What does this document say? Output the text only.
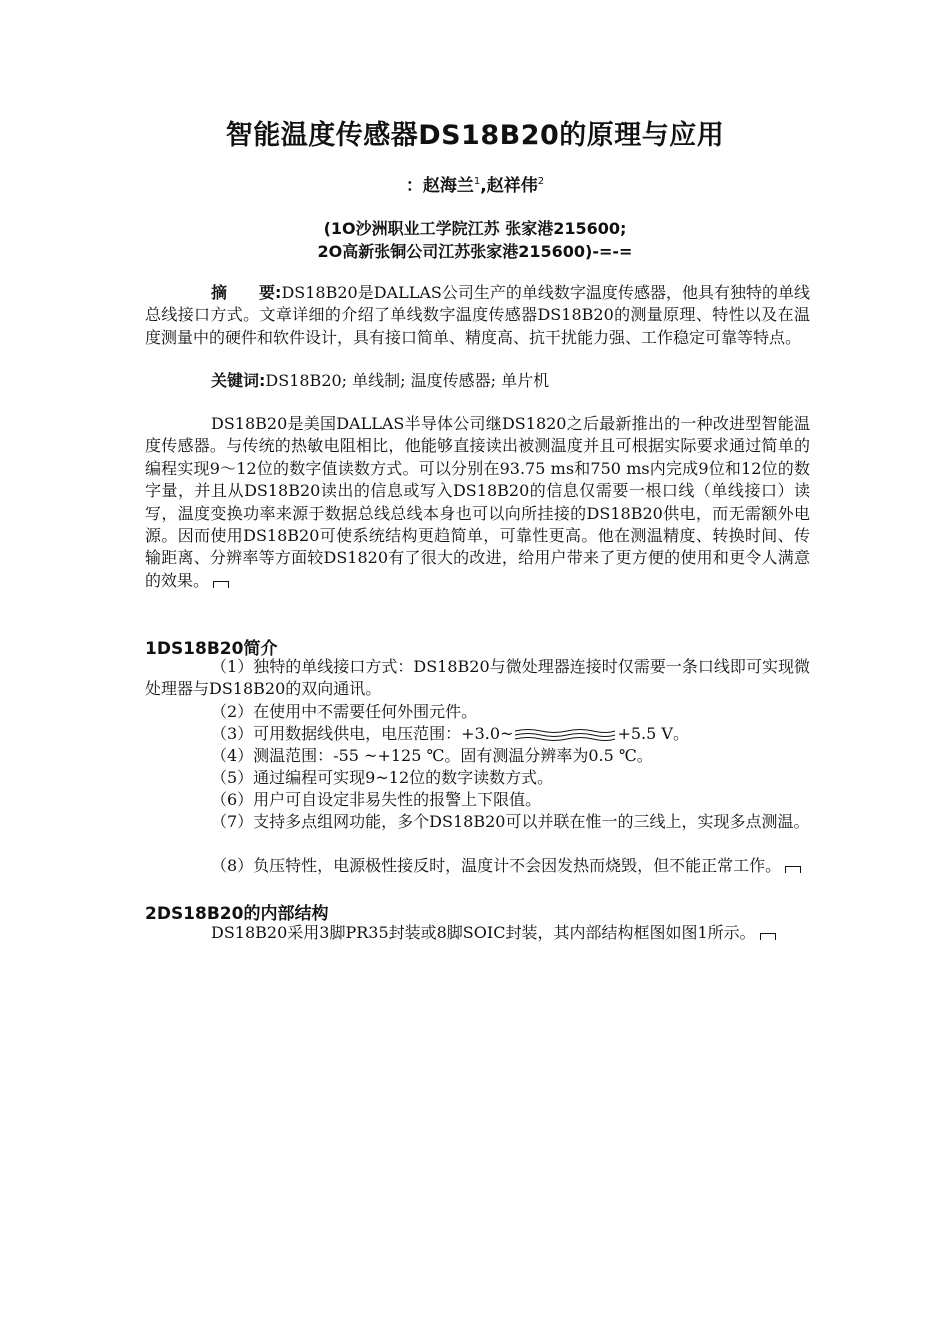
智能温度传感器DS18B20的原理与应用
：赵海兰$^1$,赵祥伟$^2$
(1O沙洲职业工学院江苏 张家港215600;
2O高新张铜公司江苏张家港215600)-=-=
摘　　要:DS18B20是DALLAS公司生产的单线数字温度传感器，他具有独特的单线总线接口方式。文章详细的介绍了单线数字温度传感器DS18B20的测量原理、特性以及在温度测量中的硬件和软件设计，具有接口简单、精度高、抗干扰能力强、工作稳定可靠等特点。
关键词:DS18B20; 单线制; 温度传感器; 单片机
DS18B20是美国DALLAS半导体公司继DS1820之后最新推出的一种改进型智能温度传感器。与传统的热敏电阻相比，他能够直接读出被测温度并且可根据实际要求通过简单的编程实现9～12位的数字值读数方式。可以分别在93.75 ms和750 ms内完成9位和12位的数字量，并且从DS18B20读出的信息或写入DS18B20的信息仅需要一根口线（单线接口）读写，温度变换功率来源于数据总线总线本身也可以向所挂接的DS18B20供电，而无需额外电源。因而使用DS18B20可使系统结构更趋简单，可靠性更高。他在测温精度、转换时间、传输距离、分辨率等方面较DS1820有了很大的改进，给用户带来了更方便的使用和更令人满意的效果。
1DS18B20简介
（1）独特的单线接口方式：DS18B20与微处理器连接时仅需要一条口线即可实现微处理器与DS18B20的双向通讯。
（2）在使用中不需要任何外围元件。
（3）可用数据线供电，电压范围：+3.0~	+5.5 V。
（4）测温范围：-55 ~+125 ℃。固有测温分辨率为0.5 ℃。
（5）通过编程可实现9~12位的数字读数方式。
（6）用户可自设定非易失性的报警上下限值。
（7）支持多点组网功能，多个DS18B20可以并联在惟一的三线上，实现多点测温。
（8）负压特性，电源极性接反时，温度计不会因发热而烧毁，但不能正常工作。
2DS18B20的内部结构
DS18B20采用3脚PR35封装或8脚SOIC封装，其内部结构框图如图1所示。
